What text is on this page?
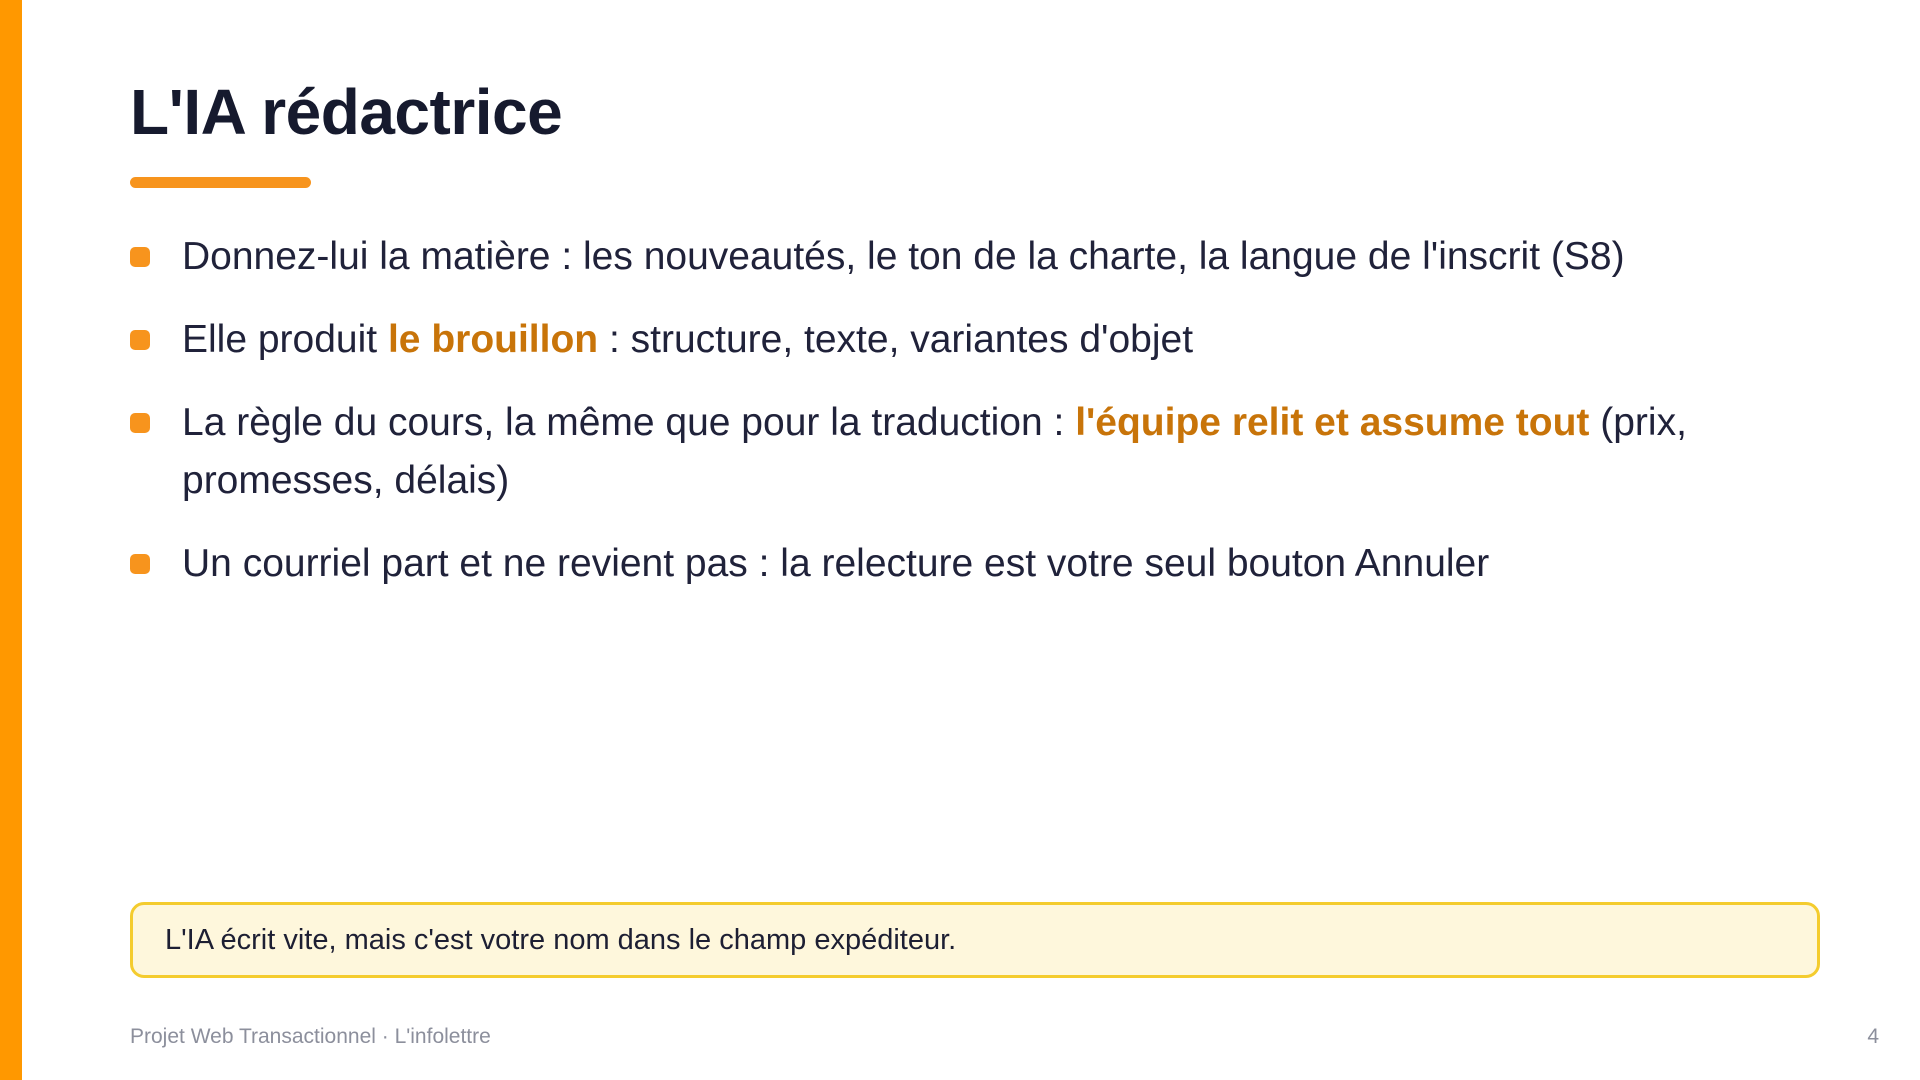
L'IA rédactrice
Donnez-lui la matière : les nouveautés, le ton de la charte, la langue de l'inscrit (S8)
Elle produit le brouillon : structure, texte, variantes d'objet
La règle du cours, la même que pour la traduction : l'équipe relit et assume tout (prix, promesses, délais)
Un courriel part et ne revient pas : la relecture est votre seul bouton Annuler
L'IA écrit vite, mais c'est votre nom dans le champ expéditeur.
Projet Web Transactionnel · L'infolettre	4
